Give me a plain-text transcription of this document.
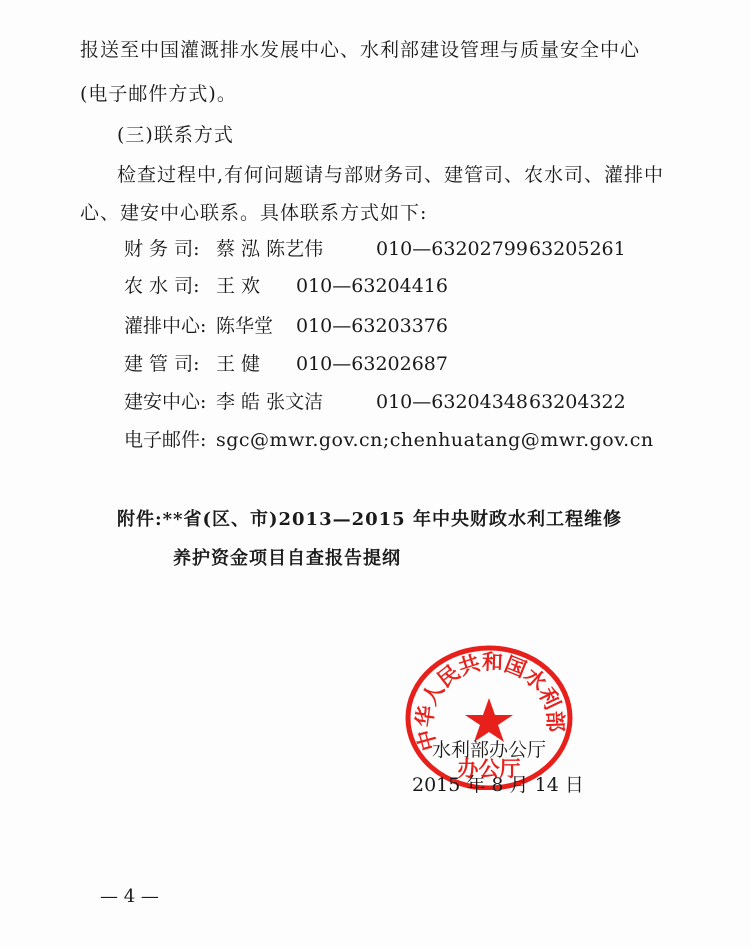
报送至中国灌溉排水发展中心、水利部建设管理与质量安全中心
(电子邮件方式)。
(三)联系方式
检查过程中,有何问题请与部财务司、建管司、农水司、灌排中
心、建安中心联系。具体联系方式如下:
财 务 司: 蔡 泓 陈艺伟	010—63202799 63205261
农 水 司: 王 欢 010—63204416
灌排中心: 陈华堂 010—63203376
建 管 司: 王 健 010—63202687
建安中心: 李 皓 张文洁	010—63204348 63204322
电子邮件: sgc@mwr.gov.cn;chenhuatang@mwr.gov.cn
附件:**省(区、市)2013—2015 年中央财政水利工程维修
养护资金项目自查报告提纲
中华人民共和国水利部
办公厅
水利部办公厅
2015 年 8 月 14 日
— 4 —
